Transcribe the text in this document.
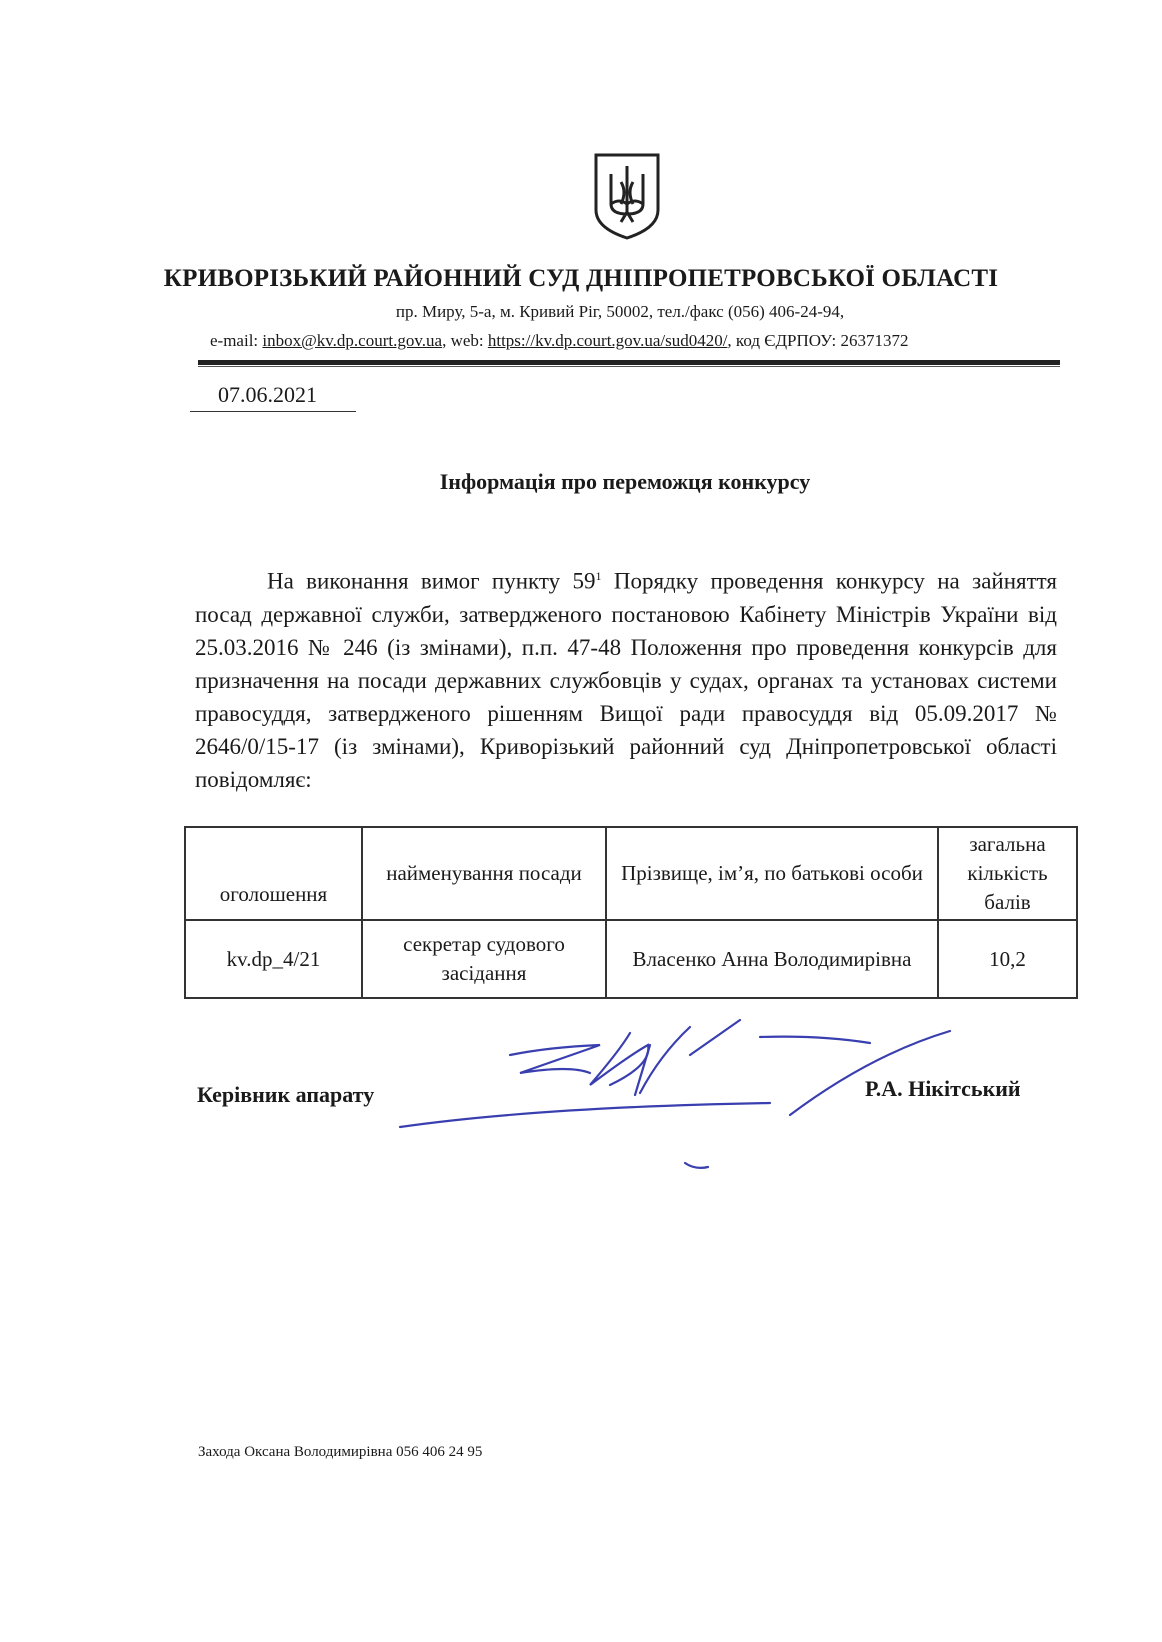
КРИВОРІЗЬКИЙ РАЙОННИЙ СУД ДНІПРОПЕТРОВСЬКОЇ ОБЛАСТІ
пр. Миру, 5-а, м. Кривий Ріг, 50002, тел./факс (056) 406-24-94,
e-mail: inbox@kv.dp.court.gov.ua, web: https://kv.dp.court.gov.ua/sud0420/, код ЄДРПОУ: 26371372
07.06.2021
Інформація про переможця конкурсу
На виконання вимог пункту $59^1$ Порядку проведення конкурсу на зайняття посад державної служби, затвердженого постановою Кабінету Міністрів України від 25.03.2016 № 246 (із змінами), п.п. 47-48 Положення про проведення конкурсів для призначення на посади державних службовців у судах, органах та установах системи правосуддя, затвердженого рішенням Вищої ради правосуддя від 05.09.2017 № 2646/0/15-17 (із змінами), Криворізький районний суд Дніпропетровської області повідомляє:
оголошення	найменування посади	Прізвище, ім’я, по батькові особи	загальна кількість балів
kv.dp_4/21	секретар судового засідання	Власенко Анна Володимирівна	10,2
Керівник апарату	Р.А. Нікітський
Захода Оксана Володимирівна 056 406 24 95
